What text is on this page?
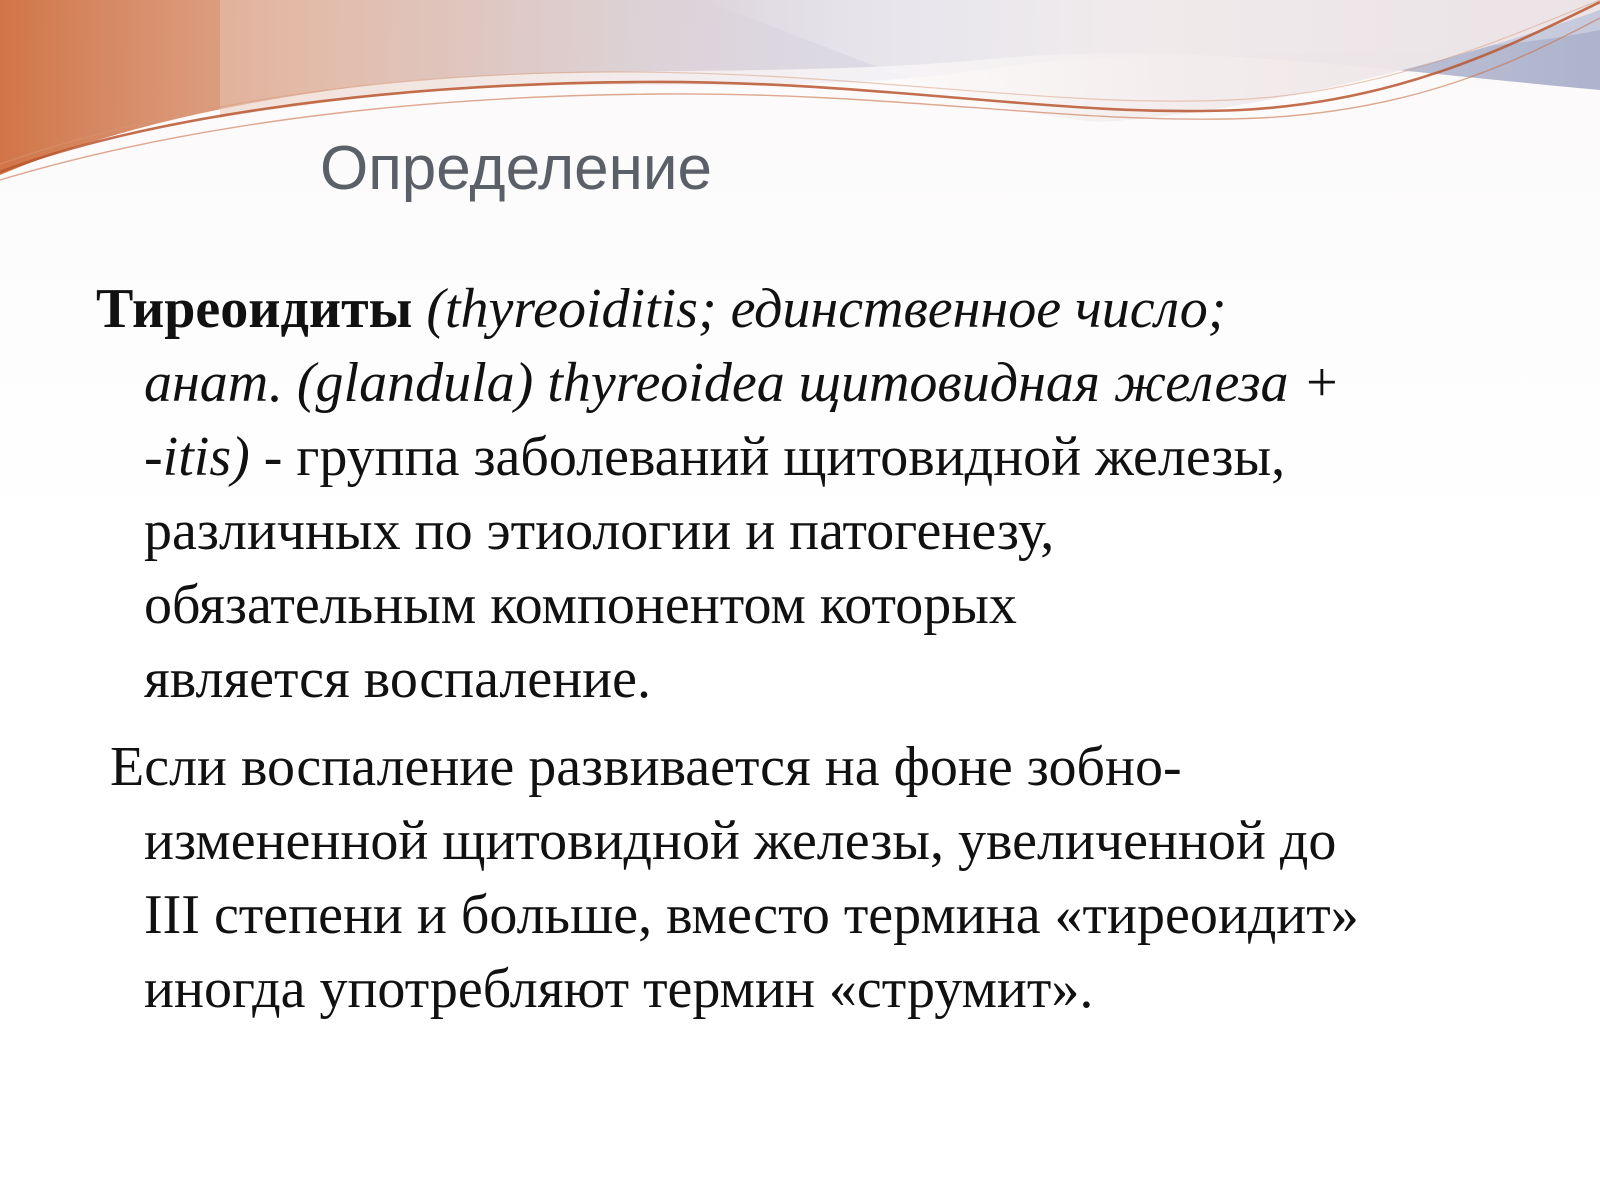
Определение

Тиреоидиты (thyreoiditis; единственное число;
анат. (glandula) thyreoidea щитовидная железа +
-itis) - группа заболеваний щитовидной железы,
различных по этиологии и патогенезу,
обязательным компонентом которых
является воспаление.

Если воспаление развивается на фоне зобно-
измененной щитовидной железы, увеличенной до
III степени и больше, вместо термина «тиреоидит»
иногда употребляют термин «струмит».
